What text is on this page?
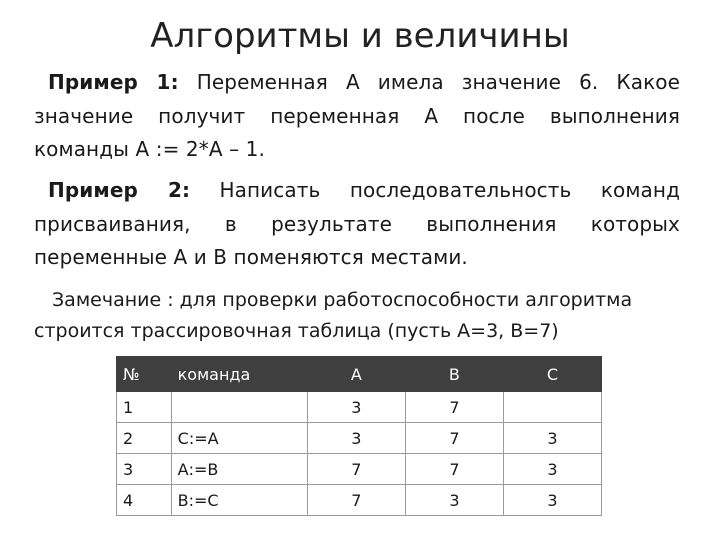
Алгоритмы и величины
Пример 1: Переменная А имела значение 6. Какое значение получит переменная А после выполнения команды А := 2*А – 1.
Пример 2: Написать последовательность команд присваивания, в результате выполнения которых переменные А и В поменяются местами.
Замечание : для проверки работоспособности алгоритма строится трассировочная таблица (пусть А=3, В=7)
№	команда	А	В	С
1		3	7	
2	С:=А	3	7	3
3	А:=В	7	7	3
4	В:=С	7	3	3
